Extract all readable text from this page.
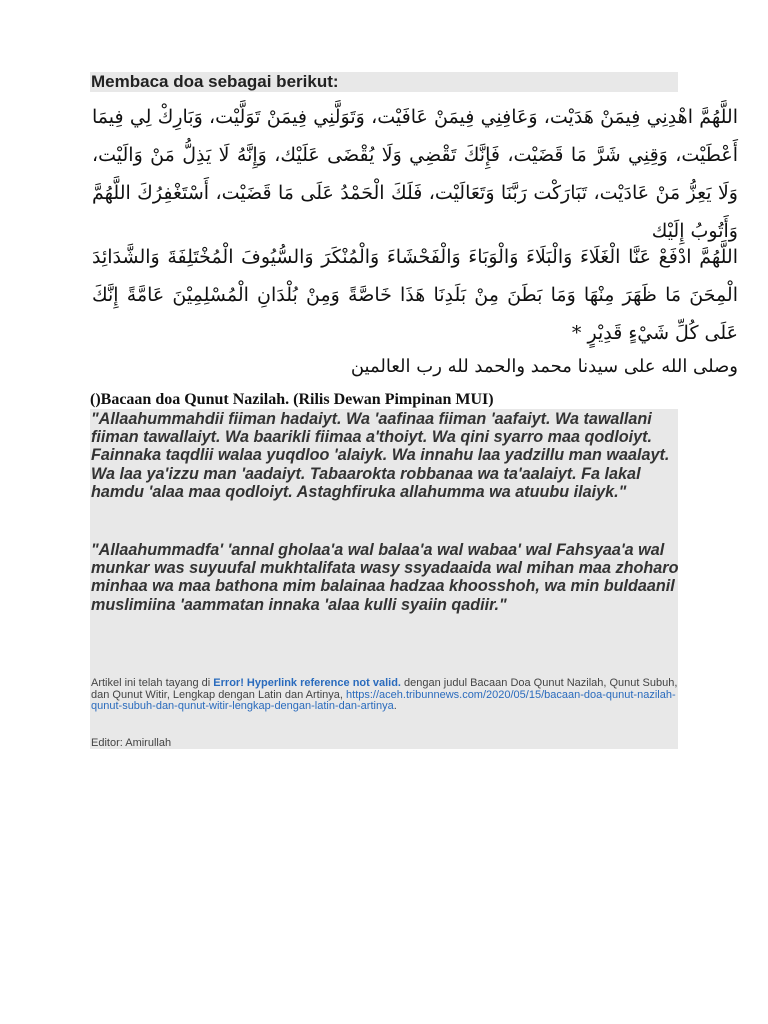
Membaca doa sebagai berikut:

اللَّهُمَّ اهْدِنِي فِيمَنْ هَدَيْت، وَعَافِنِي فِيمَنْ عَافَيْت، وَتَوَلَّنِي فِيمَنْ تَوَلَّيْت، وَبَارِكْ لِي فِيمَا أَعْطَيْت، وَقِنِي شَرَّ مَا قَضَيْت، فَإِنَّكَ تَقْضِي وَلَا يُقْضَى عَلَيْك، وَإِنَّهُ لَا يَذِلُّ مَنْ وَالَيْت، وَلَا يَعِزُّ مَنْ عَادَيْت، تَبَارَكْت رَبَّنَا وَتَعَالَيْت، فَلَكَ الْحَمْدُ عَلَى مَا قَضَيْت، أَسْتَغْفِرُكَ اللَّهُمَّ وَأَتُوبُ إِلَيْك

اللَّهُمَّ ادْفَعْ عَنَّا الْغَلَاءَ وَالْبَلَاءَ وَالْوَبَاءَ وَالْفَحْشَاءَ وَالْمُنْكَرَ وَالسُّيُوفَ الْمُخْتَلِفَةَ وَالشَّدَائِدَ الْمِحَنَ مَا ظَهَرَ مِنْهَا وَمَا بَطَنَ مِنْ بَلَدِنَا هَذَا خَاصَّةً وَمِنْ بُلْدَانِ الْمُسْلِمِيْنَ عَامَّةً إِنَّكَ عَلَى كُلِّ شَيْءٍ قَدِيْرٍ *

وصلى الله على سيدنا محمد والحمد لله رب العالمين

()Bacaan doa Qunut Nazilah. (Rilis Dewan Pimpinan MUI)

"Allaahummahdii fiiman hadaiyt. Wa 'aafinaa fiiman 'aafaiyt. Wa tawallani fiiman tawallaiyt. Wa baarikli fiimaa a'thoiyt. Wa qini syarro maa qodloiyt. Fainnaka taqdlii walaa yuqdloo 'alaiyk. Wa innahu laa yadzillu man waalayt. Wa laa ya'izzu man 'aadaiyt. Tabaarokta robbanaa wa ta'aalaiyt. Fa lakal hamdu 'alaa maa qodloiyt. Astaghfiruka allahumma wa atuubu ilaiyk."

"Allaahummadfa' 'annal gholaa'a wal balaa'a wal wabaa' wal Fahsyaa'a wal munkar was suyuufal mukhtalifata wasy ssyadaaida wal mihan maa zhoharo minhaa wa maa bathona mim balainaa hadzaa khoosshoh, wa min buldaanil muslimiina 'aammatan innaka 'alaa kulli syaiin qadiir."

Artikel ini telah tayang di Error! Hyperlink reference not valid. dengan judul Bacaan Doa Qunut Nazilah, Qunut Subuh, dan Qunut Witir, Lengkap dengan Latin dan Artinya, https://aceh.tribunnews.com/2020/05/15/bacaan-doa-qunut-nazilah-qunut-subuh-dan-qunut-witir-lengkap-dengan-latin-dan-artinya.

Editor: Amirullah
